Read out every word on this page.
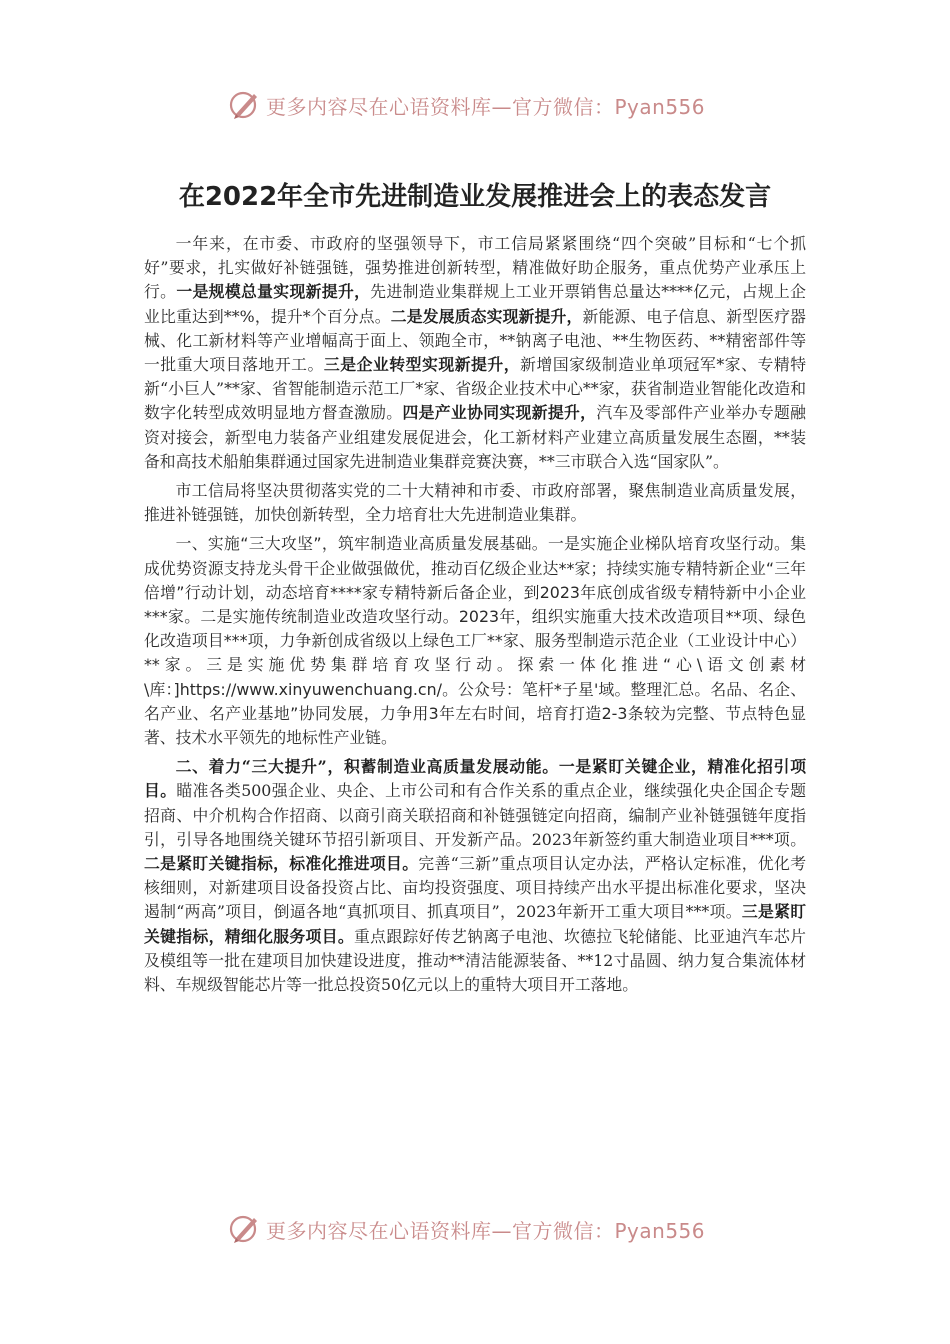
更多内容尽在心语资料库—官方微信：Pyan556
在2022年全市先进制造业发展推进会上的表态发言

一年来，在市委、市政府的坚强领导下，市工信局紧紧围绕“四个突破”目标和“七个抓好”要求，扎实做好补链强链，强势推进创新转型，精准做好助企服务，重点优势产业承压上行。一是规模总量实现新提升，先进制造业集群规上工业开票销售总量达****亿元，占规上企业比重达到**%，提升*个百分点。二是发展质态实现新提升，新能源、电子信息、新型医疗器械、化工新材料等产业增幅高于面上、领跑全市，**钠离子电池、**生物医药、**精密部件等一批重大项目落地开工。三是企业转型实现新提升，新增国家级制造业单项冠军*家、专精特新“小巨人”**家、省智能制造示范工厂*家、省级企业技术中心**家，获省制造业智能化改造和数字化转型成效明显地方督查激励。四是产业协同实现新提升，汽车及零部件产业举办专题融资对接会，新型电力装备产业组建发展促进会，化工新材料产业建立高质量发展生态圈，**装备和高技术船舶集群通过国家先进制造业集群竞赛決赛，**三市联合入选“国家队”。

市工信局将坚决贯彻落实党的二十大精神和市委、市政府部署，聚焦制造业高质量发展，推进补链强链，加快创新转型，全力培育壮大先进制造业集群。

一、实施“三大攻坚”，筑牢制造业高质量发展基础。一是实施企业梯队培育攻坚行动。集成优势资源支持龙头骨干企业做强做优，推动百亿级企业达**家；持续实施专精特新企业“三年倍增”行动计划，动态培育****家专精特新后备企业，到2023年底创成省级专精特新中小企业***家。二是实施传统制造业改造攻坚行动。2023年，组织实施重大技术改造项目**项、绿色化改造项目***项，力争新创成省级以上绿色工厂**家、服务型制造示范企业（工业设计中心）**家。三是实施优势集群培育攻坚行动。探索一体化推进“心\语文创素材\库：]https://www.xinyuwenchuang.cn/。公众号：笔杆*子星'域。整理汇总。名品、名企、名产业、名产业基地”协同发展，力争用3年左右时间，培育打造2-3条较为完整、节点特色显著、技术水平领先的地标性产业链。

二、着力“三大提升”，积蓄制造业高质量发展动能。一是紧盯关键企业，精准化招引项目。瞄准各类500强企业、央企、上市公司和有合作关系的重点企业，继续强化央企国企专题招商、中介机构合作招商、以商引商关联招商和补链强链定向招商，编制产业补链强链年度指引，引导各地围绕关键环节招引新项目、开发新产品。2023年新签约重大制造业项目***项。二是紧盯关键指标，标准化推进项目。完善“三新”重点项目认定办法，严格认定标准，优化考核细则，对新建项目设备投资占比、亩均投资强度、项目持续产出水平提出标准化要求，坚决遏制“两高”项目，倒逼各地“真抓项目、抓真项目”，2023年新开工重大项目***项。三是紧盯关键指标，精细化服务项目。重点跟踪好传艺钠离子电池、坎德拉飞轮储能、比亚迪汽车芯片及模组等一批在建项目加快建设进度，推动**清洁能源装备、**12寸晶圆、纳力复合集流体材料、车规级智能芯片等一批总投资50亿元以上的重特大项目开工落地。

更多内容尽在心语资料库—官方微信：Pyan556
